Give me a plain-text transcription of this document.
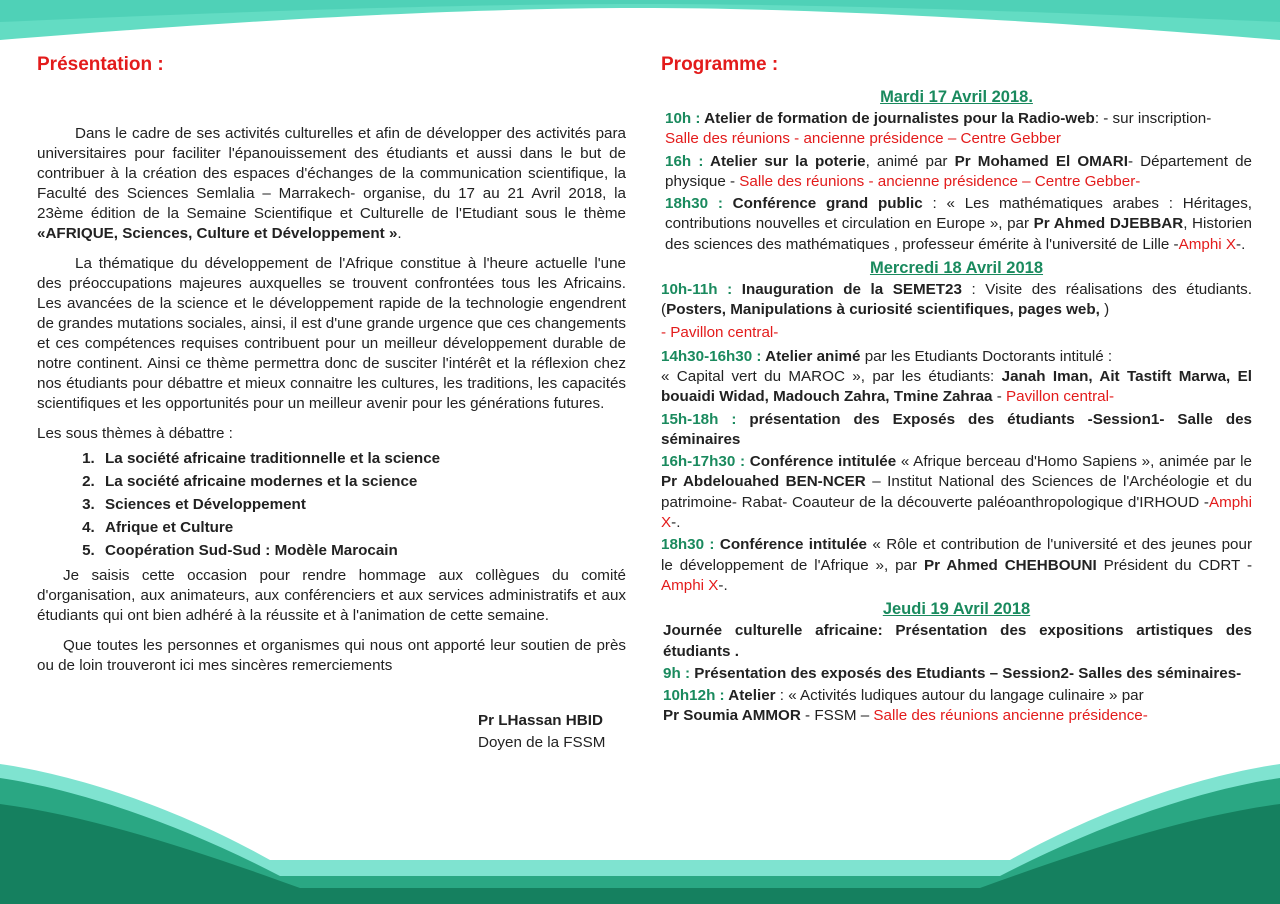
Présentation :

Dans le cadre de ses activités culturelles et afin de développer des activités para universitaires pour faciliter l'épanouissement des étudiants et aussi dans le but de contribuer à la création des espaces d'échanges de la communication scientifique, la Faculté des Sciences Semlalia – Marrakech- organise, du 17 au 21 Avril 2018, la 23ème édition de la Semaine Scientifique et Culturelle de l'Etudiant sous le thème «AFRIQUE, Sciences, Culture et Développement ».

La thématique du développement de l'Afrique constitue à l'heure actuelle l'une des préoccupations majeures auxquelles se trouvent confrontées tous les Africains. Les avancées de la science et le développement rapide de la technologie engendrent de grandes mutations sociales, ainsi, il est d'une grande urgence que ces changements et ces compétences requises contribuent pour un meilleur développement durable de notre continent. Ainsi ce thème permettra donc de susciter l'intérêt et la réflexion chez nos étudiants pour débattre et mieux connaitre les cultures, les traditions, les capacités scientifiques et les opportunités pour un meilleur avenir pour les générations futures.

Les sous thèmes à débattre :

1. La société africaine traditionnelle et la science
2. La société africaine modernes et la science
3. Sciences et Développement
4. Afrique et Culture
5. Coopération Sud-Sud : Modèle Marocain

Je saisis cette occasion pour rendre hommage aux collègues du comité d'organisation, aux animateurs, aux conférenciers et aux services administratifs et aux étudiants qui ont bien adhéré à la réussite et à l'animation de cette semaine.

Que toutes les personnes et organismes qui nous ont apporté leur soutien de près ou de loin trouveront ici mes sincères remerciements

Pr LHassan HBID
Doyen de la FSSM
Programme :
Mardi 17 Avril 2018.

10h : Atelier de formation de journalistes pour la Radio-web: - sur inscription-
Salle des réunions - ancienne présidence – Centre Gebber

16h : Atelier sur la poterie, animé par Pr Mohamed El OMARI- Département de physique - Salle des réunions - ancienne présidence – Centre Gebber-

18h30 : Conférence grand public : « Les mathématiques arabes : Héritages, contributions nouvelles et circulation en Europe », par Pr Ahmed DJEBBAR, Historien des sciences des mathématiques , professeur émérite à l'université de Lille -Amphi X-.

Mercredi 18 Avril 2018

10h-11h : Inauguration de la SEMET23 : Visite des réalisations des étudiants.(Posters, Manipulations à curiosité scientifiques, pages web, )
- Pavillon central-

14h30-16h30 : Atelier animé par les Etudiants Doctorants intitulé :
« Capital vert du MAROC », par les étudiants: Janah Iman, Ait Tastift Marwa, El bouaidi Widad, Madouch Zahra, Tmine Zahraa - Pavillon central-

15h-18h : présentation des Exposés des étudiants -Session1- Salle des séminaires

16h-17h30 : Conférence intitulée « Afrique berceau d'Homo Sapiens », animée par le Pr Abdelouahed BEN-NCER – Institut National des Sciences de l'Archéologie et du patrimoine- Rabat- Coauteur de la découverte paléoanthropologique d'IRHOUD -Amphi X-.

18h30 : Conférence intitulée « Rôle et contribution de l'université et des jeunes pour le développement de l'Afrique », par Pr Ahmed CHEHBOUNI Président du CDRT -Amphi X-.

Jeudi 19 Avril 2018

Journée culturelle africaine: Présentation des expositions artistiques des étudiants .

9h : Présentation des exposés des Etudiants – Session2- Salles des séminaires-

10h12h : Atelier : « Activités ludiques autour du langage culinaire » par
Pr Soumia AMMOR - FSSM – Salle des réunions ancienne présidence-
